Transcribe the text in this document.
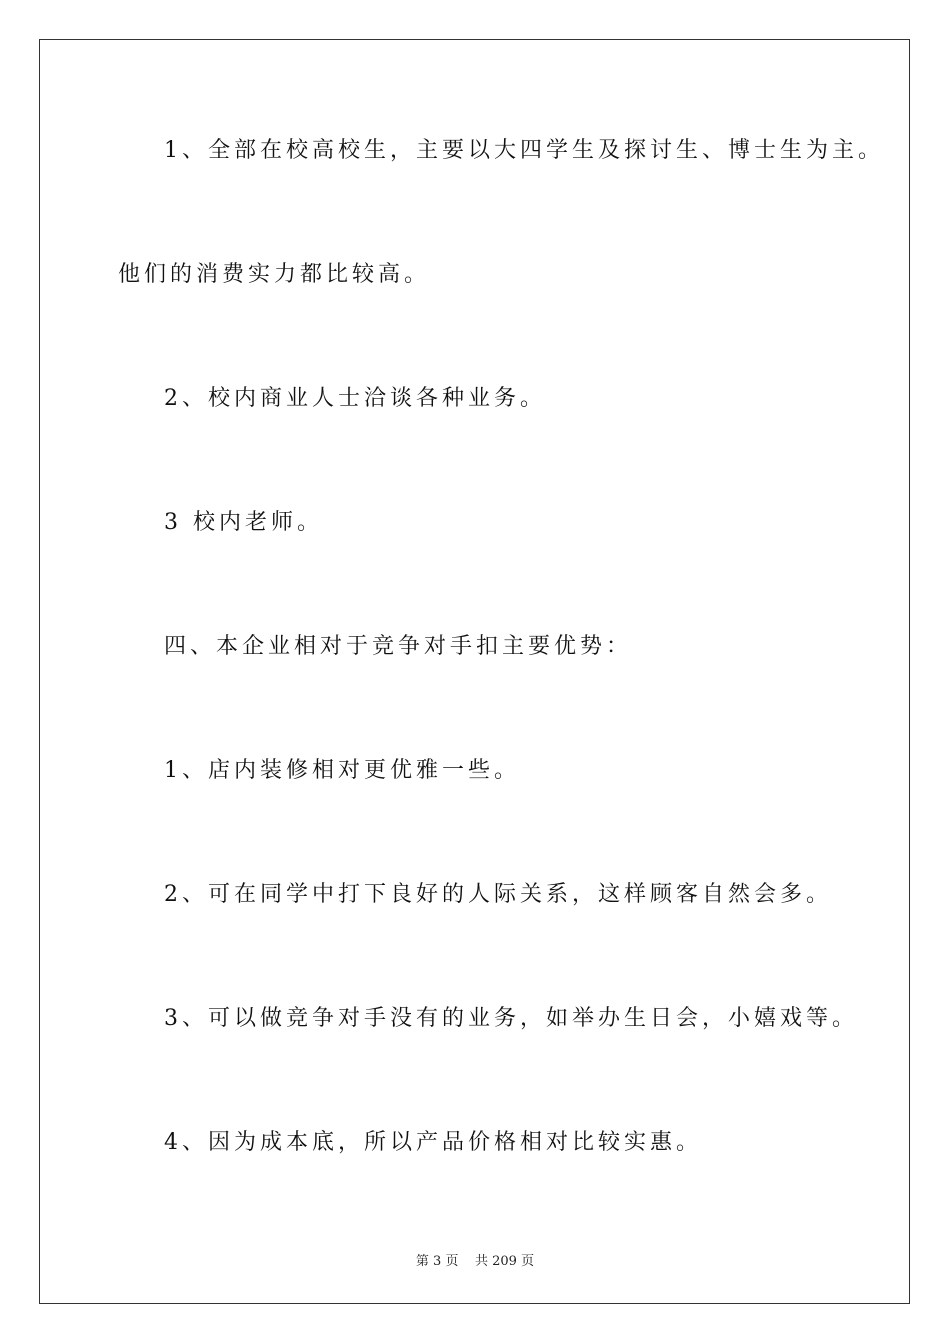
1、全部在校高校生，主要以大四学生及探讨生、博士生为主。
他们的消费实力都比较高。
2、校内商业人士洽谈各种业务。
3 校内老师。
四、本企业相对于竞争对手扣主要优势：
1、店内装修相对更优雅一些。
2、可在同学中打下良好的人际关系，这样顾客自然会多。
3、可以做竞争对手没有的业务，如举办生日会，小嬉戏等。
4、因为成本底，所以产品价格相对比较实惠。
第 3 页    共 209 页
